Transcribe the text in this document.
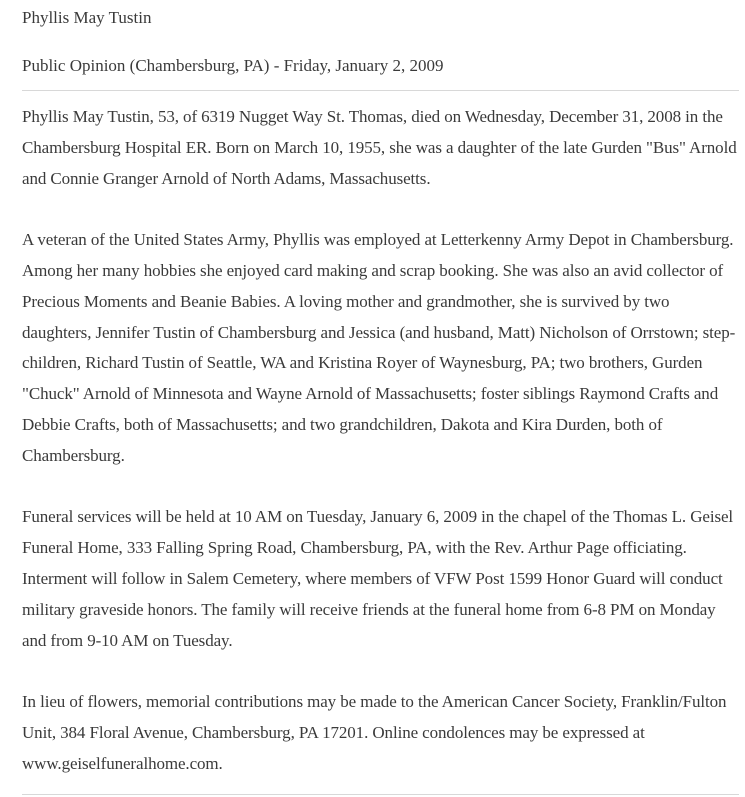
Phyllis May Tustin
Public Opinion (Chambersburg, PA) - Friday, January 2, 2009

Phyllis May Tustin, 53, of 6319 Nugget Way St. Thomas, died on Wednesday, December 31, 2008 in the Chambersburg Hospital ER. Born on March 10, 1955, she was a daughter of the late Gurden "Bus" Arnold and Connie Granger Arnold of North Adams, Massachusetts.

A veteran of the United States Army, Phyllis was employed at Letterkenny Army Depot in Chambersburg. Among her many hobbies she enjoyed card making and scrap booking. She was also an avid collector of Precious Moments and Beanie Babies. A loving mother and grandmother, she is survived by two daughters, Jennifer Tustin of Chambersburg and Jessica (and husband, Matt) Nicholson of Orrstown; step-children, Richard Tustin of Seattle, WA and Kristina Royer of Waynesburg, PA; two brothers, Gurden "Chuck" Arnold of Minnesota and Wayne Arnold of Massachusetts; foster siblings Raymond Crafts and Debbie Crafts, both of Massachusetts; and two grandchildren, Dakota and Kira Durden, both of Chambersburg.

Funeral services will be held at 10 AM on Tuesday, January 6, 2009 in the chapel of the Thomas L. Geisel Funeral Home, 333 Falling Spring Road, Chambersburg, PA, with the Rev. Arthur Page officiating. Interment will follow in Salem Cemetery, where members of VFW Post 1599 Honor Guard will conduct military graveside honors. The family will receive friends at the funeral home from 6-8 PM on Monday and from 9-10 AM on Tuesday.

In lieu of flowers, memorial contributions may be made to the American Cancer Society, Franklin/Fulton Unit, 384 Floral Avenue, Chambersburg, PA 17201. Online condolences may be expressed at www.geiselfuneralhome.com.
